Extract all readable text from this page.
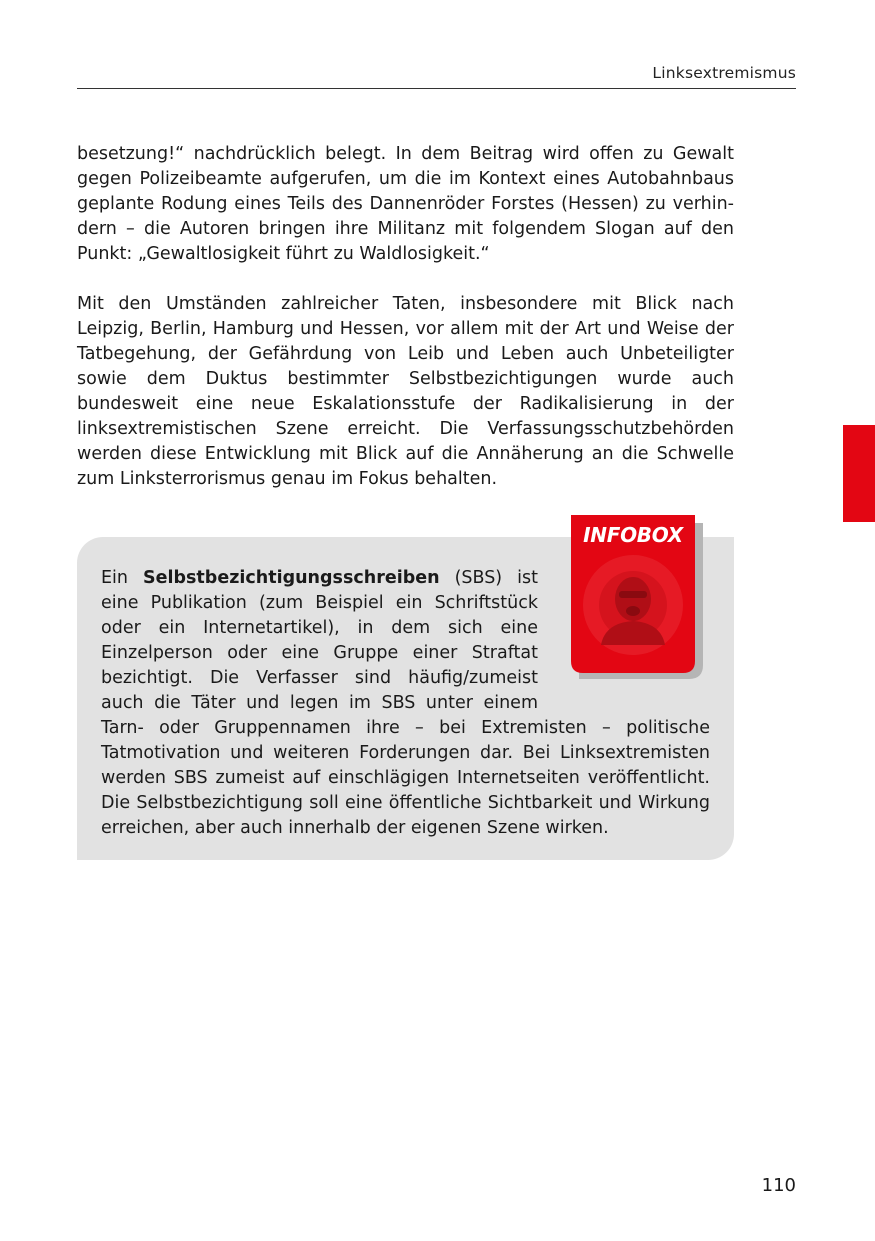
Linksextremismus

besetzung!“ nachdrücklich belegt. In dem Beitrag wird offen zu Gewalt gegen Polizeibeamte aufgerufen, um die im Kontext eines Autobahnbaus geplante Rodung eines Teils des Dannenröder Forstes (Hessen) zu verhindern – die Autoren bringen ihre Militanz mit folgendem Slogan auf den Punkt: „Gewaltlosigkeit führt zu Waldlosigkeit.“

Mit den Umständen zahlreicher Taten, insbesondere mit Blick nach Leipzig, Berlin, Hamburg und Hessen, vor allem mit der Art und Weise der Tatbegehung, der Gefährdung von Leib und Leben auch Unbeteiligter sowie dem Duktus bestimmter Selbstbezichtigungen wurde auch bundesweit eine neue Eskalationsstufe der Radikalisierung in der linksextremistischen Szene erreicht. Die Verfassungsschutzbehörden werden diese Entwicklung mit Blick auf die Annäherung an die Schwelle zum Linksterrorismus genau im Fokus behalten.

Ein Selbstbezichtigungsschreiben (SBS) ist eine Publikation (zum Beispiel ein Schriftstück oder ein Internetartikel), in dem sich eine Einzelperson oder eine Gruppe einer Straftat bezichtigt. Die Verfasser sind häufig/zumeist auch die Täter und legen im SBS unter einem Tarn- oder Gruppennamen ihre – bei Extremisten – politische Tatmotivation und weiteren Forderungen dar. Bei Linksextremisten werden SBS zumeist auf einschlägigen Internetseiten veröffentlicht. Die Selbstbezichtigung soll eine öffentliche Sichtbarkeit und Wirkung erreichen, aber auch innerhalb der eigenen Szene wirken.

INFOBOX
110
